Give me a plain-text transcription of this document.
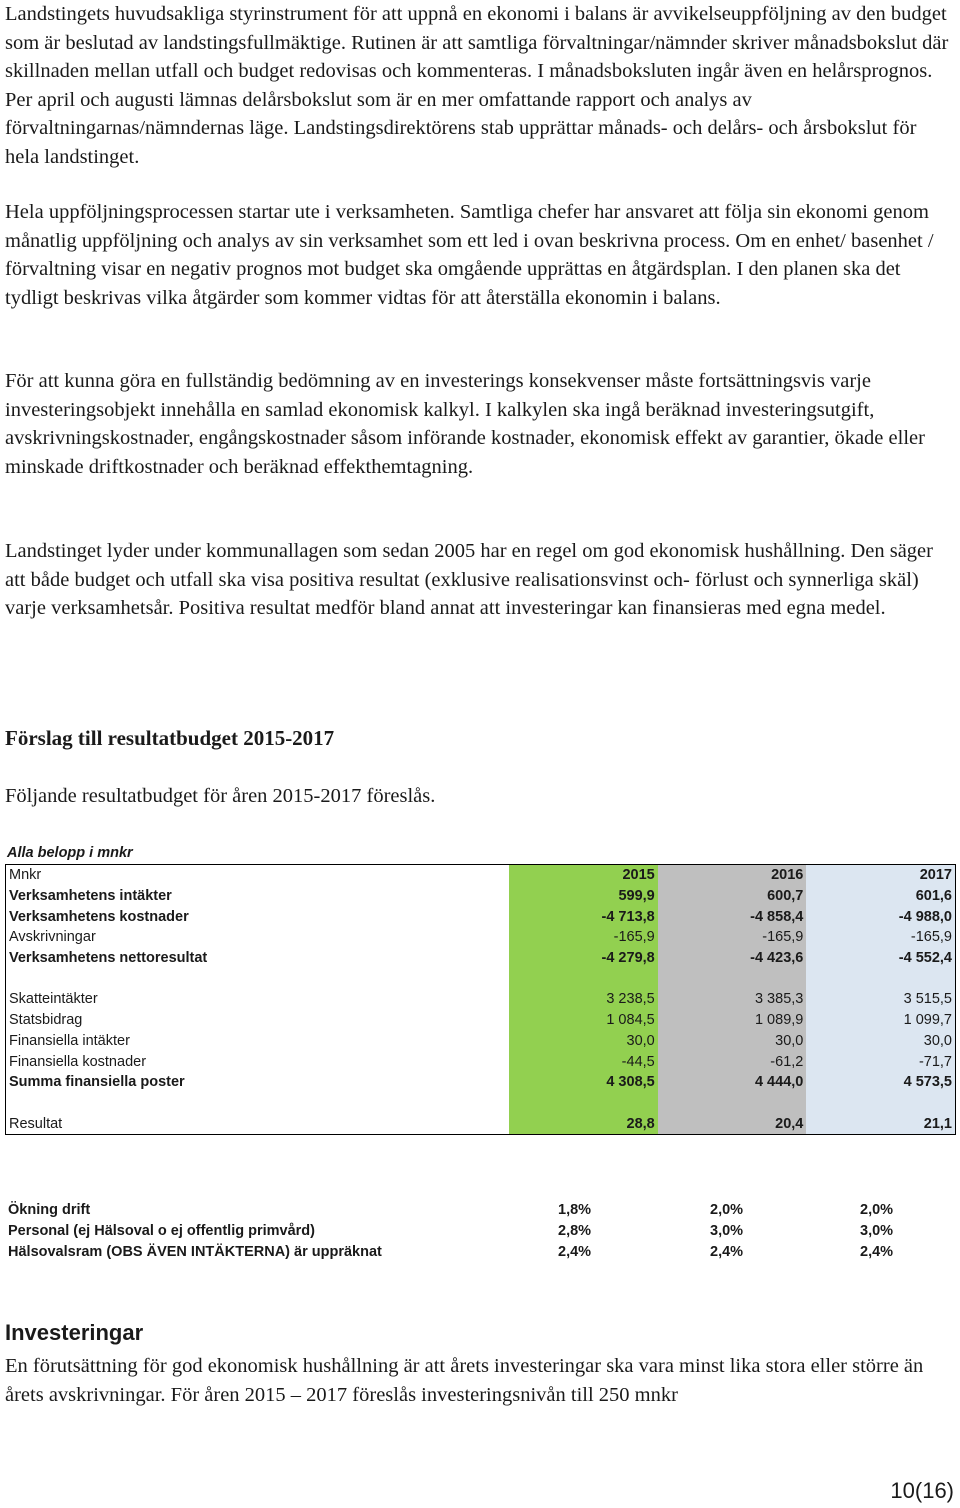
Landstingets huvudsakliga styrinstrument för att uppnå en ekonomi i balans är avvikelseuppföljning av den budget som är beslutad av landstingsfullmäktige. Rutinen är att samtliga förvaltningar/nämnder skriver månadsbokslut där skillnaden mellan utfall och budget redovisas och kommenteras. I månadsboksluten ingår även en helårsprognos. Per april och augusti lämnas delårsbokslut som är en mer omfattande rapport och analys av förvaltningarnas/nämndernas läge. Landstingsdirektörens stab upprättar månads- och delårs- och årsbokslut för hela landstinget.

Hela uppföljningsprocessen startar ute i verksamheten. Samtliga chefer har ansvaret att följa sin ekonomi genom månatlig uppföljning och analys av sin verksamhet som ett led i ovan beskrivna process. Om en enhet/ basenhet / förvaltning visar en negativ prognos mot budget ska omgående upprättas en åtgärdsplan. I den planen ska det tydligt beskrivas vilka åtgärder som kommer vidtas för att återställa ekonomin i balans.

För att kunna göra en fullständig bedömning av en investerings konsekvenser måste fortsättningsvis varje investeringsobjekt innehålla en samlad ekonomisk kalkyl. I kalkylen ska ingå beräknad investeringsutgift, avskrivningskostnader, engångskostnader såsom införande kostnader, ekonomisk effekt av garantier, ökade eller minskade driftkostnader och beräknad effekthemtagning.

Landstinget lyder under kommunallagen som sedan 2005 har en regel om god ekonomisk hushållning. Den säger att både budget och utfall ska visa positiva resultat (exklusive realisationsvinst och- förlust och synnerliga skäl) varje verksamhetsår. Positiva resultat medför bland annat att investeringar kan finansieras med egna medel.

Förslag till resultatbudget 2015-2017

Följande resultatbudget för åren 2015-2017 föreslås.

Alla belopp i mnkr
Mnkr	2015	2016	2017
Verksamhetens intäkter	599,9	600,7	601,6
Verksamhetens kostnader	-4 713,8	-4 858,4	-4 988,0
Avskrivningar	-165,9	-165,9	-165,9
Verksamhetens nettoresultat	-4 279,8	-4 423,6	-4 552,4

Skatteintäkter	3 238,5	3 385,3	3 515,5
Statsbidrag	1 084,5	1 089,9	1 099,7
Finansiella intäkter	30,0	30,0	30,0
Finansiella kostnader	-44,5	-61,2	-71,7
Summa finansiella poster	4 308,5	4 444,0	4 573,5

Resultat	28,8	20,4	21,1
Ökning drift	1,8%	2,0%	2,0%
Personal (ej Hälsoval o ej offentlig primvård)	2,8%	3,0%	3,0%
Hälsovalsram (OBS ÄVEN INTÄKTERNA) är uppräknat	2,4%	2,4%	2,4%
Investeringar

En förutsättning för god ekonomisk hushållning är att årets investeringar ska vara minst lika stora eller större än årets avskrivningar. För åren 2015 – 2017 föreslås investeringsnivån till 250 mnkr

10(16)
